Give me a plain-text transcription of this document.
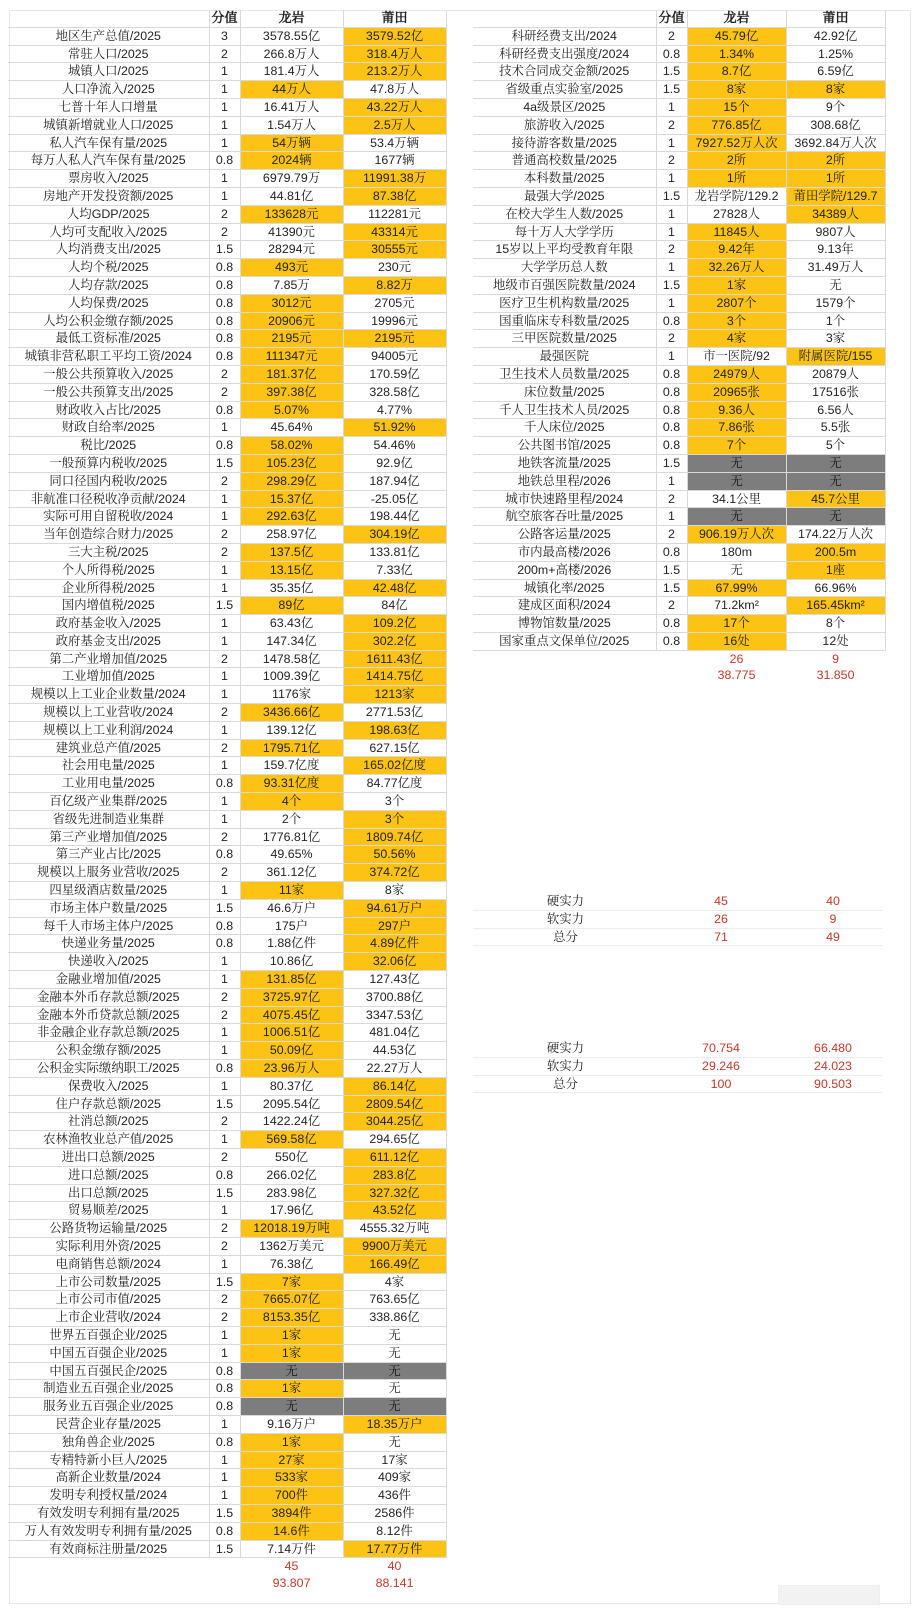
	分值	龙岩	莆田
地区生产总值/2025	3	3578.55亿	3579.52亿
常驻人口/2025	2	266.8万人	318.4万人
城镇人口/2025	1	181.4万人	213.2万人
人口净流入/2025	1	44万人	47.8万人
七普十年人口增量	1	16.41万人	43.22万人
城镇新增就业人口/2025	1	1.54万人	2.5万人
私人汽车保有量/2025	1	54万辆	53.4万辆
每万人私人汽车保有量/2025	0.8	2024辆	1677辆
票房收入/2025	1	6979.79万	11991.38万
房地产开发投资额/2025	1	44.81亿	87.38亿
人均GDP/2025	2	133628元	112281元
人均可支配收入/2025	2	41390元	43314元
人均消费支出/2025	1.5	28294元	30555元
人均个税/2025	0.8	493元	230元
人均存款/2025	0.8	7.85万	8.82万
人均保费/2025	0.8	3012元	2705元
人均公积金缴存额/2025	0.8	20906元	19996元
最低工资标准/2025	0.8	2195元	2195元
城镇非营私职工平均工资/2024	0.8	111347元	94005元
一般公共预算收入/2025	2	181.37亿	170.59亿
一般公共预算支出/2025	2	397.38亿	328.58亿
财政收入占比/2025	0.8	5.07%	4.77%
财政自给率/2025	1	45.64%	51.92%
税比/2025	0.8	58.02%	54.46%
一般预算内税收/2025	1.5	105.23亿	92.9亿
同口径国内税收/2025	2	298.29亿	187.94亿
非航准口径税收净贡献/2024	1	15.37亿	-25.05亿
实际可用自留税收/2024	1	292.63亿	198.44亿
当年创造综合财力/2025	2	258.97亿	304.19亿
三大主税/2025	2	137.5亿	133.81亿
个人所得税/2025	1	13.15亿	7.33亿
企业所得税/2025	1	35.35亿	42.48亿
国内增值税/2025	1.5	89亿	84亿
政府基金收入/2025	1	63.43亿	109.2亿
政府基金支出/2025	1	147.34亿	302.2亿
第二产业增加值/2025	2	1478.58亿	1611.43亿
工业增加值/2025	1	1009.39亿	1414.75亿
规模以上工业企业数量/2024	1	1176家	1213家
规模以上工业营收/2024	2	3436.66亿	2771.53亿
规模以上工业利润/2024	1	139.12亿	198.63亿
建筑业总产值/2025	2	1795.71亿	627.15亿
社会用电量/2025	1	159.7亿度	165.02亿度
工业用电量/2025	0.8	93.31亿度	84.77亿度
百亿级产业集群/2025	1	4个	3个
省级先进制造业集群	1	2个	3个
第三产业增加值/2025	2	1776.81亿	1809.74亿
第三产业占比/2025	0.8	49.65%	50.56%
规模以上服务业营收/2025	2	361.12亿	374.72亿
四星级酒店数量/2025	1	11家	8家
市场主体户数量/2025	1.5	46.6万户	94.61万户
每千人市场主体户/2025	0.8	175户	297户
快递业务量/2025	0.8	1.88亿件	4.89亿件
快递收入/2025	1	10.86亿	32.06亿
金融业增加值/2025	1	131.85亿	127.43亿
金融本外币存款总额/2025	2	3725.97亿	3700.88亿
金融本外币贷款总额/2025	2	4075.45亿	3347.53亿
非金融企业存款总额/2025	1	1006.51亿	481.04亿
公积金缴存额/2025	1	50.09亿	44.53亿
公积金实际缴纳职工/2025	0.8	23.96万人	22.27万人
保费收入/2025	1	80.37亿	86.14亿
住户存款总额/2025	1.5	2095.54亿	2809.54亿
社消总额/2025	2	1422.24亿	3044.25亿
农林渔牧业总产值/2025	1	569.58亿	294.65亿
进出口总额/2025	2	550亿	611.12亿
进口总额/2025	0.8	266.02亿	283.8亿
出口总额/2025	1.5	283.98亿	327.32亿
贸易顺差/2025	1	17.96亿	43.52亿
公路货物运输量/2025	2	12018.19万吨	4555.32万吨
实际利用外资/2025	2	1362万美元	9900万美元
电商销售总额/2024	1	76.38亿	166.49亿
上市公司数量/2025	1.5	7家	4家
上市公司市值/2025	2	7665.07亿	763.65亿
上市企业营收/2024	2	8153.35亿	338.86亿
世界五百强企业/2025	1	1家	无
中国五百强企业/2025	1	1家	无
中国五百强民企/2025	0.8	无	无
制造业五百强企业/2025	0.8	1家	无
服务业五百强企业/2025	0.8	无	无
民营企业存量/2025	1	9.16万户	18.35万户
独角兽企业/2025	0.8	1家	无
专精特新小巨人/2025	1	27家	17家
高新企业数量/2024	1	533家	409家
发明专利授权量/2024	1	700件	436件
有效发明专利拥有量/2025	1.5	3894件	2586件
万人有效发明专利拥有量/2025	0.8	14.6件	8.12件
有效商标注册量/2025	1.5	7.14万件	17.77万件
		45	40
		93.807	88.141
	分值	龙岩	莆田
科研经费支出/2024	2	45.79亿	42.92亿
科研经费支出强度/2024	0.8	1.34%	1.25%
技术合同成交金额/2025	1.5	8.7亿	6.59亿
省级重点实验室/2025	1.5	8家	8家
4a级景区/2025	1	15个	9个
旅游收入/2025	2	776.85亿	308.68亿
接待游客数量/2025	1	7927.52万人次	3692.84万人次
普通高校数量/2025	2	2所	2所
本科数量/2025	1	1所	1所
最强大学/2025	1.5	龙岩学院/129.2	莆田学院/129.7
在校大学生人数/2025	1	27828人	34389人
每十万人大学学历	1	11845人	9807人
15岁以上平均受教育年限	2	9.42年	9.13年
大学学历总人数	1	32.26万人	31.49万人
地级市百强医院数量/2024	1.5	1家	无
医疗卫生机构数量/2025	1	2807个	1579个
国重临床专科数量/2025	0.8	3个	1个
三甲医院数量/2025	2	4家	3家
最强医院	1	市一医院/92	附属医院/155
卫生技术人员数量/2025	0.8	24979人	20879人
床位数量/2025	0.8	20965张	17516张
千人卫生技术人员/2025	0.8	9.36人	6.56人
千人床位/2025	0.8	7.86张	5.5张
公共图书馆/2025	0.8	7个	5个
地铁客流量/2025	1.5	无	无
地铁总里程/2026	1	无	无
城市快速路里程/2024	2	34.1公里	45.7公里
航空旅客吞吐量/2025	1	无	无
公路客运量/2025	2	906.19万人次	174.22万人次
市内最高楼/2026	0.8	180m	200.5m
200m+高楼/2026	1.5	无	1座
城镇化率/2025	1.5	67.99%	66.96%
建成区面积/2024	2	71.2km²	165.45km²
博物馆数量/2025	0.8	17个	8个
国家重点文保单位/2025	0.8	16处	12处
		26	9
		38.775	31.850
硬实力	45	40
软实力	26	9
总分	71	49
硬实力	70.754	66.480
软实力	29.246	24.023
总分	100	90.503
